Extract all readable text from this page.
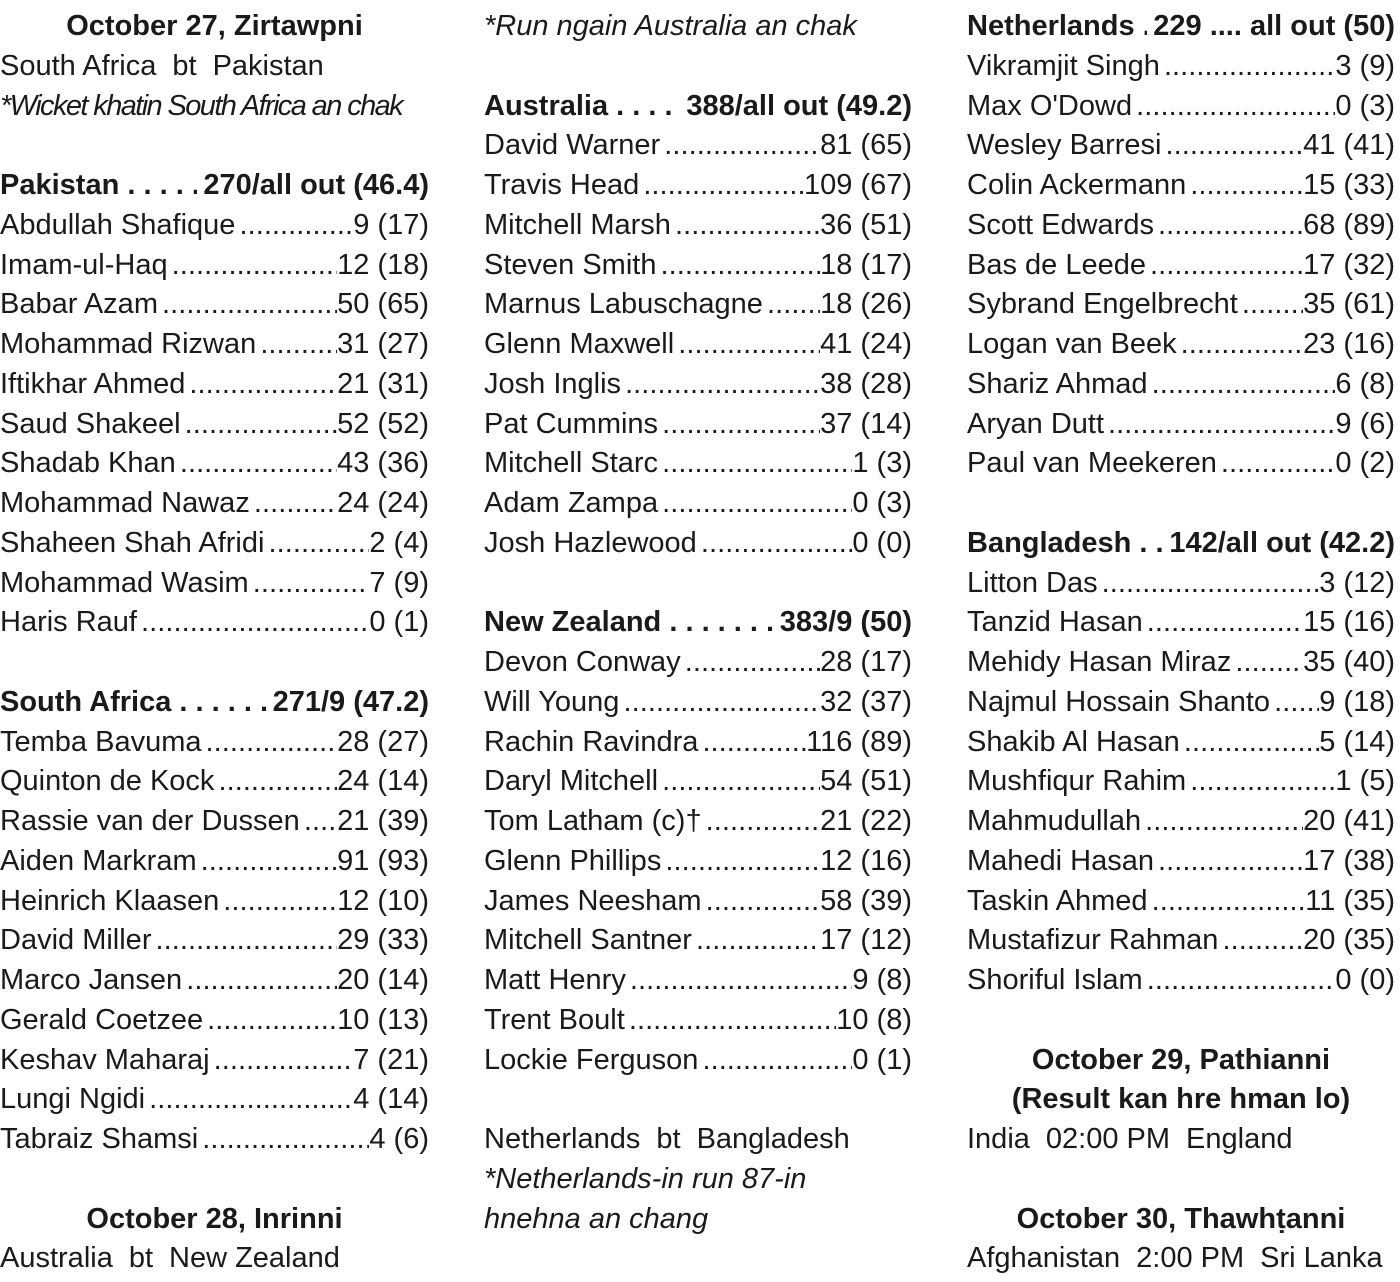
October 27, Zirtawpni
South Africa bt Pakistan
*Wicket khatin South Africa an chak
Pakistan . . .	270/all out (46.4)
Abdullah Shafique . . .	9 (17)
Imam-ul-Haq . . .	12 (18)
Babar Azam . . .	50 (65)
Mohammad Rizwan . . .	31 (27)
Iftikhar Ahmed . . .	21 (31)
Saud Shakeel . . .	52 (52)
Shadab Khan . . .	43 (36)
Mohammad Nawaz . . .	24 (24)
Shaheen Shah Afridi . . .	2 (4)
Mohammad Wasim . . .	7 (9)
Haris Rauf . . .	0 (1)
South Africa . . .	271/9 (47.2)
Temba Bavuma . . .	28 (27)
Quinton de Kock . . .	24 (14)
Rassie van der Dussen . . .	21 (39)
Aiden Markram . . .	91 (93)
Heinrich Klaasen . . .	12 (10)
David Miller . . .	29 (33)
Marco Jansen . . .	20 (14)
Gerald Coetzee . . .	10 (13)
Keshav Maharaj . . .	7 (21)
Lungi Ngidi . . .	4 (14)
Tabraiz Shamsi . . .	4 (6)
October 28, Inrinni
Australia bt New Zealand
*Run ngain Australia an chak
Australia . . .	388/all out (49.2)
David Warner . . .	81 (65)
Travis Head . . .	109 (67)
Mitchell Marsh . . .	36 (51)
Steven Smith . . .	18 (17)
Marnus Labuschagne . . .	18 (26)
Glenn Maxwell . . .	41 (24)
Josh Inglis . . .	38 (28)
Pat Cummins . . .	37 (14)
Mitchell Starc . . .	1 (3)
Adam Zampa . . .	0 (3)
Josh Hazlewood . . .	0 (0)
New Zealand . . .	383/9 (50)
Devon Conway . . .	28 (17)
Will Young . . .	32 (37)
Rachin Ravindra . . .	116 (89)
Daryl Mitchell . . .	54 (51)
Tom Latham (c)† . . .	21 (22)
Glenn Phillips . . .	12 (16)
James Neesham . . .	58 (39)
Mitchell Santner . . .	17 (12)
Matt Henry . . .	9 (8)
Trent Boult . . .	10 (8)
Lockie Ferguson . . .	0 (1)
Netherlands bt Bangladesh
*Netherlands-in run 87-in
hnehna an chang
Netherlands . . . 229 .... all out (50)
Vikramjit Singh . . .	3 (9)
Max O'Dowd . . .	0 (3)
Wesley Barresi . . .	41 (41)
Colin Ackermann . . .	15 (33)
Scott Edwards . . .	68 (89)
Bas de Leede . . .	17 (32)
Sybrand Engelbrecht . . .	35 (61)
Logan van Beek . . .	23 (16)
Shariz Ahmad . . .	6 (8)
Aryan Dutt . . .	9 (6)
Paul van Meekeren . . .	0 (2)
Bangladesh . . .	142/all out (42.2)
Litton Das . . .	3 (12)
Tanzid Hasan . . .	15 (16)
Mehidy Hasan Miraz . . .	35 (40)
Najmul Hossain Shanto . . .	9 (18)
Shakib Al Hasan . . .	5 (14)
Mushfiqur Rahim . . .	1 (5)
Mahmudullah . . .	20 (41)
Mahedi Hasan . . .	17 (38)
Taskin Ahmed . . .	11 (35)
Mustafizur Rahman . . .	20 (35)
Shoriful Islam . . .	0 (0)
October 29, Pathianni
(Result kan hre hman lo)
India 02:00 PM England
October 30, Thawhṭanni
Afghanistan 2:00 PM Sri Lanka
